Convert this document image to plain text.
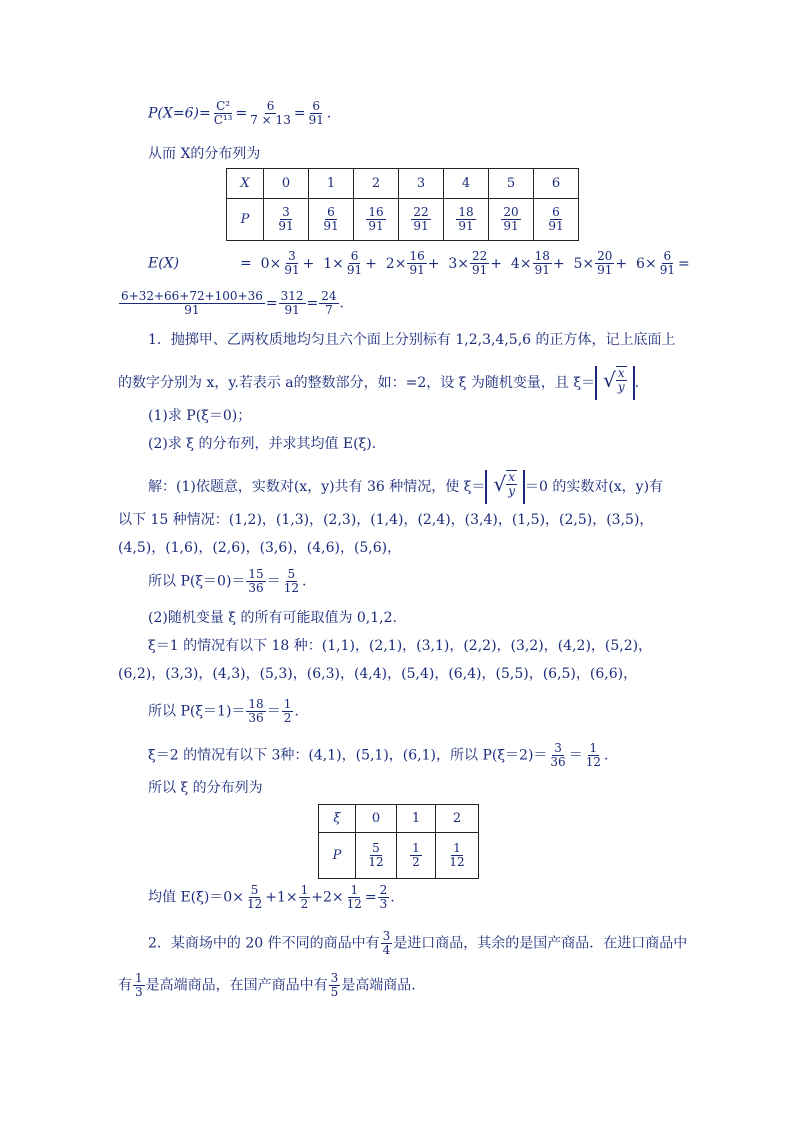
$P(X=6)= \frac{\text{C²}}{\text{C¹³}} = \frac{6}{7 \times 13} = \frac{6}{91}$ .
从而 X的分布列为
X	0	1	2	3	4	5	6
P	$\frac{3}{91}$	$\frac{6}{91}$	$\frac{16}{91}$	$\frac{22}{91}$	$\frac{18}{91}$	$\frac{20}{91}$	$\frac{6}{91}$
E(X)	= $0\times \frac{3}{91} + 1\times \frac{6}{91} + 2\times \frac{16}{91} + 3\times \frac{22}{91} + 4\times \frac{18}{91} + 5\times \frac{20}{91} + 6\times \frac{6}{91}$ =
$\frac{6+32+66+72+100+36}{91} = \frac{312}{91} = \frac{24}{7}$ .
1．抛掷甲、乙两枚质地均匀且六个面上分别标有 1,2,3,4,5,6 的正方体，记上底面上
的数字分别为 x，y.若表示 a的整数部分，如：=2，设 ξ 为随机变量，且 ξ＝ √ x
y .
(1)求 P(ξ＝0)；
(2)求 ξ 的分布列，并求其均值 E(ξ)．
解：(1)依题意，实数对(x，y)共有 36 种情况，使 ξ＝ √ x
y ＝0 的实数对(x，y)有
以下 15 种情况：(1,2)，(1,3)，(2,3)，(1,4)，(2,4)，(3,4)，(1,5)，(2,5)，(3,5)，
(4,5)，(1,6)，(2,6)，(3,6)，(4,6)，(5,6)，
所以 $P(\xi=0)= \frac{15}{36} = \frac{5}{12}$ .
(2)随机变量 ξ 的所有可能取值为 0,1,2.
ξ＝1 的情况有以下 18 种：(1,1)，(2,1)，(3,1)，(2,2)，(3,2)，(4,2)，(5,2)，
(6,2)，(3,3)，(4,3)，(5,3)，(6,3)，(4,4)，(5,4)，(6,4)，(5,5)，(6,5)，(6,6)，
所以 $P(\xi=1)= \frac{18}{36} = \frac{1}{2}$ .
ξ＝2 的情况有以下 3种：(4,1)，(5,1)，(6,1)，所以 $P(\xi=2)= \frac{3}{36} = \frac{1}{12}$ .
所以 ξ 的分布列为
ξ	0	1	2
P	$\frac{5}{12}$	$\frac{1}{2}$	$\frac{1}{12}$
均值 $E(\xi)=0\times \frac{5}{12} +1\times \frac{1}{2} +2\times \frac{1}{12} = \frac{2}{3}$ .
2．某商场中的 20 件不同的商品中有 $\frac{3}{4}$ 是进口商品，其余的是国产商品．在进口商品中
有 $\frac{1}{3}$ 是高端商品，在国产商品中有 $\frac{3}{5}$ 是高端商品．
